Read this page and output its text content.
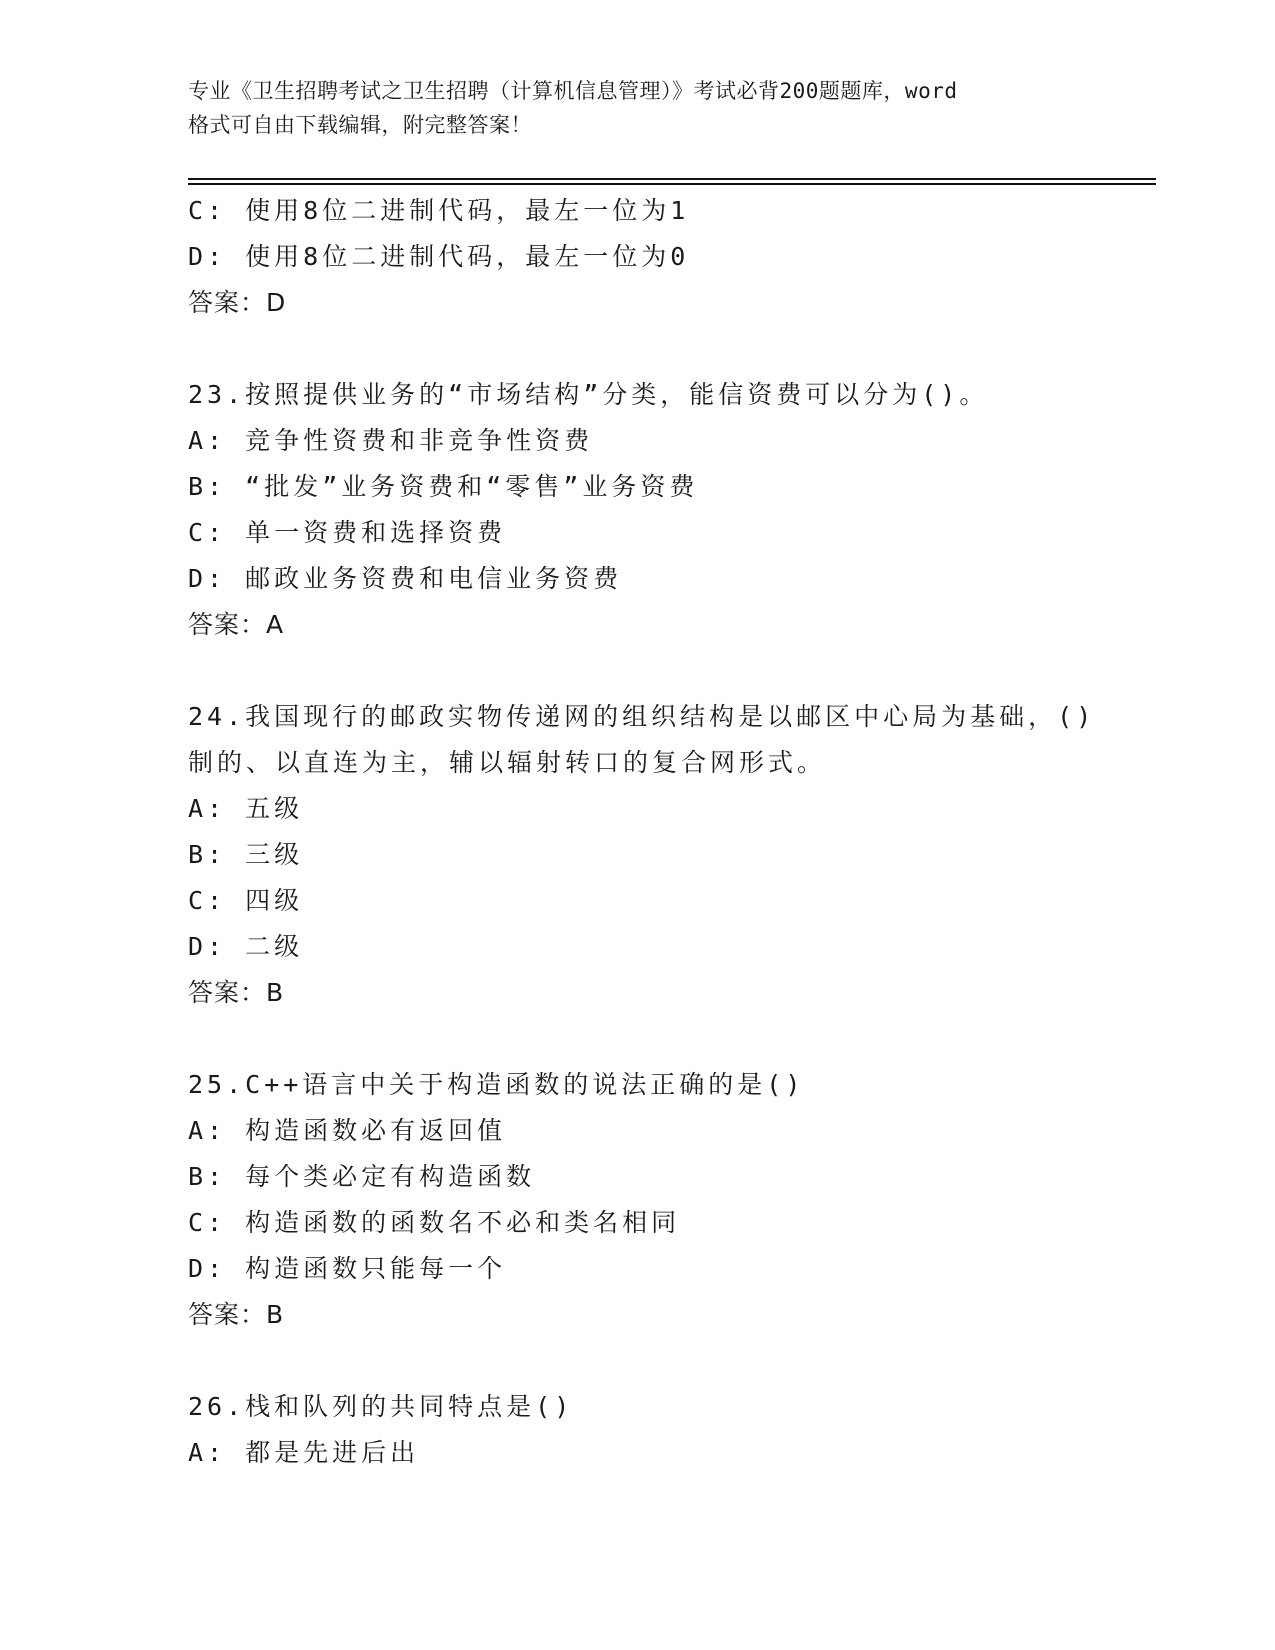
专业《卫生招聘考试之卫生招聘（计算机信息管理）》考试必背200题题库，word
格式可自由下载编辑，附完整答案！
C: 使用8位二进制代码，最左一位为1
D: 使用8位二进制代码，最左一位为0
答案：D
23.按照提供业务的“市场结构”分类，能信资费可以分为()。
A: 竞争性资费和非竞争性资费
B: “批发”业务资费和“零售”业务资费
C: 单一资费和选择资费
D: 邮政业务资费和电信业务资费
答案：A
24.我国现行的邮政实物传递网的组织结构是以邮区中心局为基础，()
制的、以直连为主，辅以辐射转口的复合网形式。
A: 五级
B: 三级
C: 四级
D: 二级
答案：B
25.C++语言中关于构造函数的说法正确的是()
A: 构造函数必有返回值
B: 每个类必定有构造函数
C: 构造函数的函数名不必和类名相同
D: 构造函数只能每一个
答案：B
26.栈和队列的共同特点是()
A: 都是先进后出
